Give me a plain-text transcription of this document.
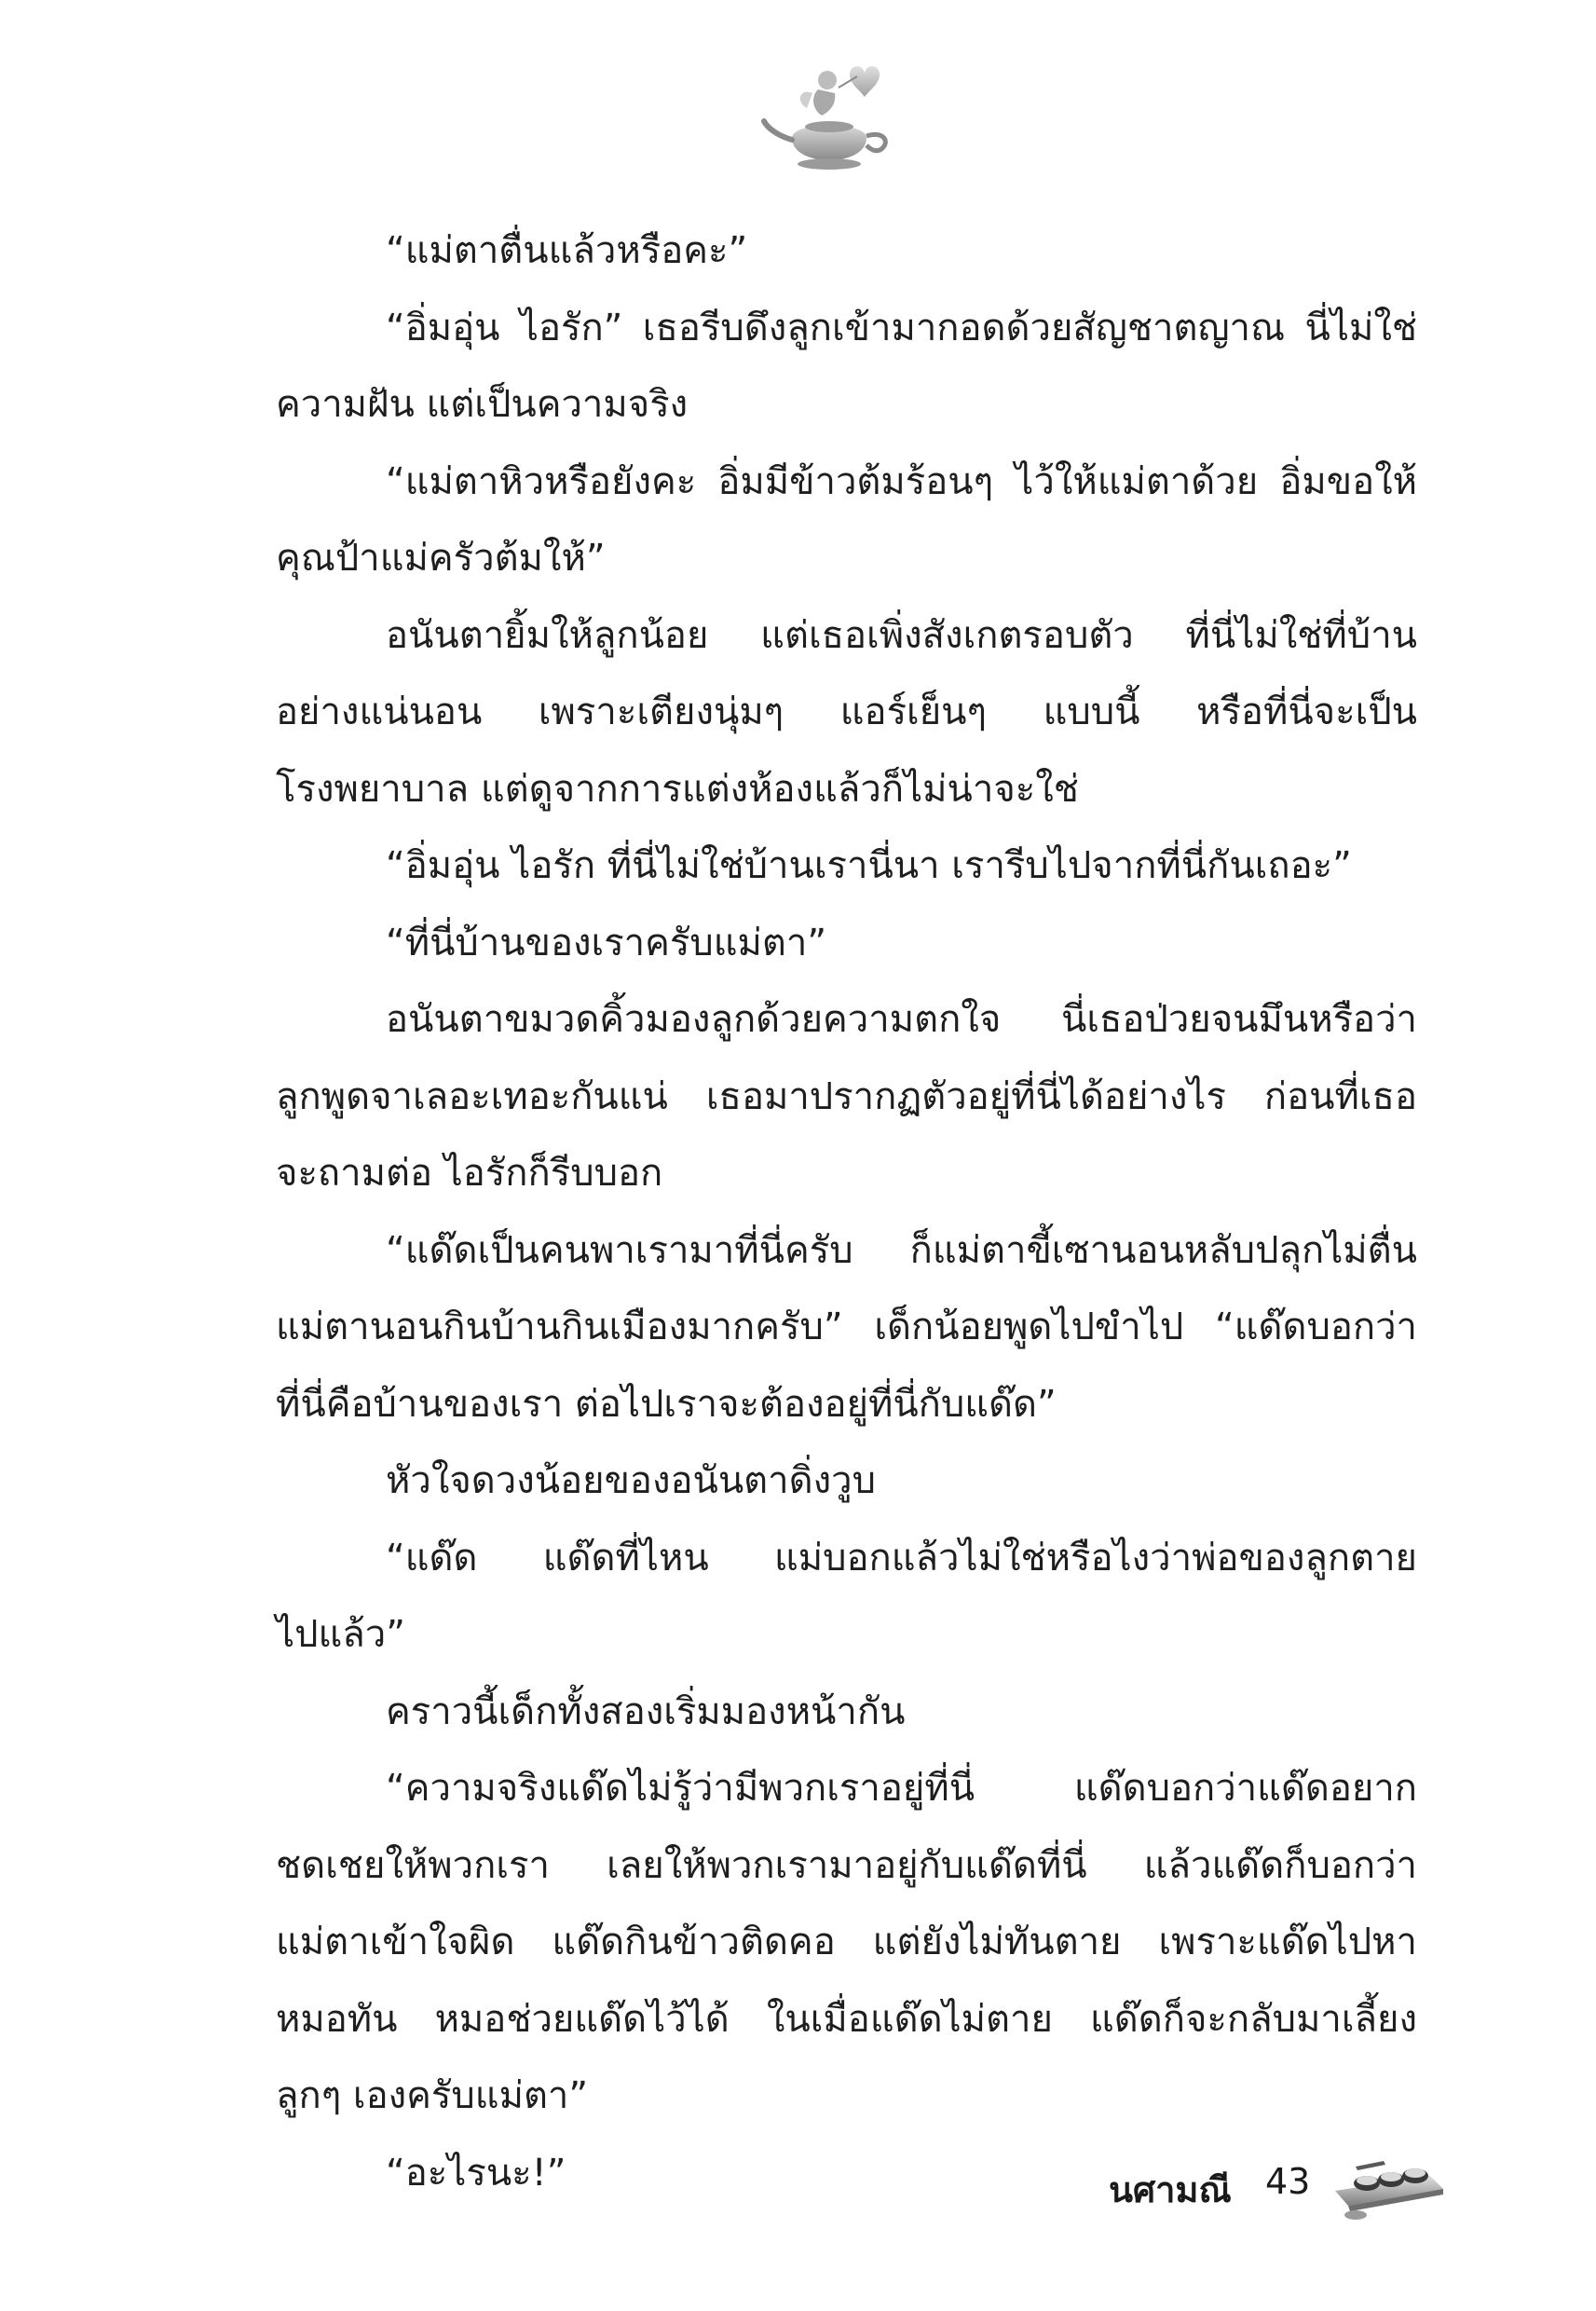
“แม่ตาตื่นแล้วหรือคะ”
“อิ่มอุ่น ไอรัก” เธอรีบดึงลูกเข้ามากอดด้วยสัญชาตญาณ นี่ไม่ใช่
ความฝัน แต่เป็นความจริง
“แม่ตาหิวหรือยังคะ อิ่มมีข้าวต้มร้อนๆ ไว้ให้แม่ตาด้วย อิ่มขอให้
คุณป้าแม่ครัวต้มให้”
อนันตายิ้มให้ลูกน้อย แต่เธอเพิ่งสังเกตรอบตัว ที่นี่ไม่ใช่ที่บ้าน
อย่างแน่นอน เพราะเตียงนุ่มๆ แอร์เย็นๆ แบบนี้ หรือที่นี่จะเป็น
โรงพยาบาล แต่ดูจากการแต่งห้องแล้วก็ไม่น่าจะใช่
“อิ่มอุ่น ไอรัก ที่นี่ไม่ใช่บ้านเรานี่นา เรารีบไปจากที่นี่กันเถอะ”
“ที่นี่บ้านของเราครับแม่ตา”
อนันตาขมวดคิ้วมองลูกด้วยความตกใจ นี่เธอป่วยจนมึนหรือว่า
ลูกพูดจาเลอะเทอะกันแน่ เธอมาปรากฏตัวอยู่ที่นี่ได้อย่างไร ก่อนที่เธอ
จะถามต่อ ไอรักก็รีบบอก
“แด๊ดเป็นคนพาเรามาที่นี่ครับ ก็แม่ตาขี้เซานอนหลับปลุกไม่ตื่น
แม่ตานอนกินบ้านกินเมืองมากครับ” เด็กน้อยพูดไปขำไป “แด๊ดบอกว่า
ที่นี่คือบ้านของเรา ต่อไปเราจะต้องอยู่ที่นี่กับแด๊ด”
หัวใจดวงน้อยของอนันตาดิ่งวูบ
“แด๊ด แด๊ดที่ไหน แม่บอกแล้วไม่ใช่หรือไงว่าพ่อของลูกตาย
ไปแล้ว”
คราวนี้เด็กทั้งสองเริ่มมองหน้ากัน
“ความจริงแด๊ดไม่รู้ว่ามีพวกเราอยู่ที่นี่ แด๊ดบอกว่าแด๊ดอยาก
ชดเชยให้พวกเรา เลยให้พวกเรามาอยู่กับแด๊ดที่นี่ แล้วแด๊ดก็บอกว่า
แม่ตาเข้าใจผิด แด๊ดกินข้าวติดคอ แต่ยังไม่ทันตาย เพราะแด๊ดไปหา
หมอทัน หมอช่วยแด๊ดไว้ได้ ในเมื่อแด๊ดไม่ตาย แด๊ดก็จะกลับมาเลี้ยง
ลูกๆ เองครับแม่ตา”
“อะไรนะ!”	นศามณี 43
